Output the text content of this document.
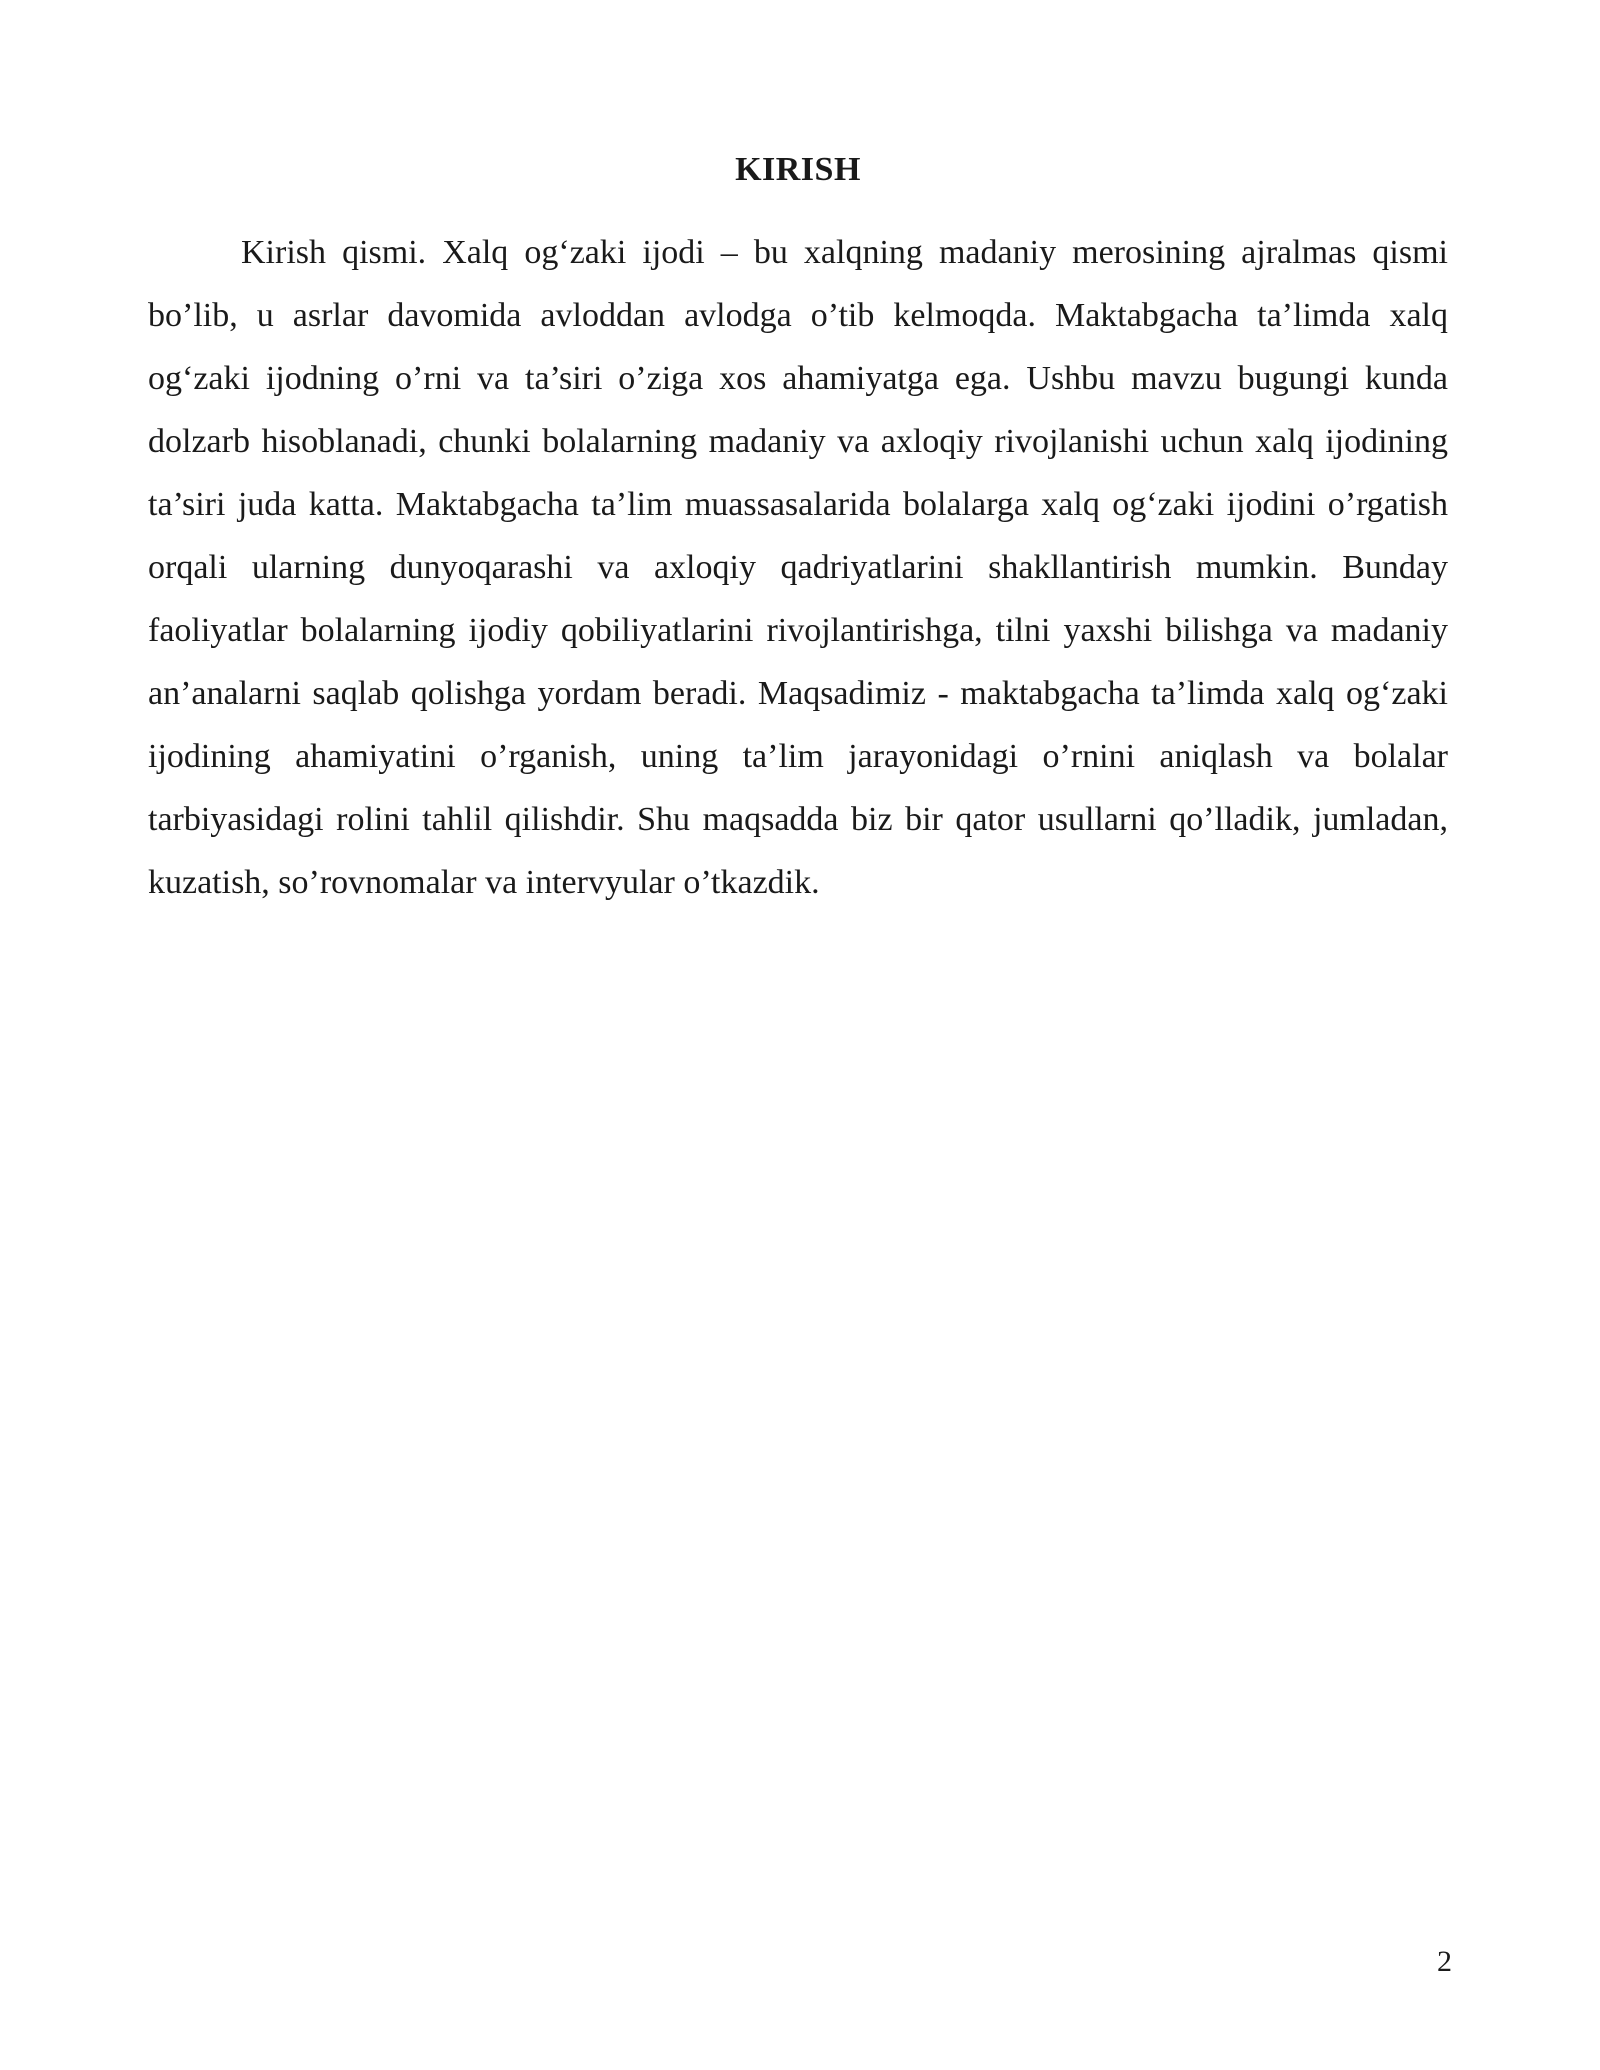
KIRISH

Kirish qismi. Xalq og‘zaki ijodi – bu xalqning madaniy merosining ajralmas qismi bo’lib, u asrlar davomida avloddan avlodga o’tib kelmoqda. Maktabgacha ta’limda xalq og‘zaki ijodning o’rni va ta’siri o’ziga xos ahamiyatga ega. Ushbu mavzu bugungi kunda dolzarb hisoblanadi, chunki bolalarning madaniy va axloqiy rivojlanishi uchun xalq ijodining ta’siri juda katta. Maktabgacha ta’lim muassasalarida bolalarga xalq og‘zaki ijodini o’rgatish orqali ularning dunyoqarashi va axloqiy qadriyatlarini shakllantirish mumkin. Bunday faoliyatlar bolalarning ijodiy qobiliyatlarini rivojlantirishga, tilni yaxshi bilishga va madaniy an’analarni saqlab qolishga yordam beradi. Maqsadimiz - maktabgacha ta’limda xalq og‘zaki ijodining ahamiyatini o’rganish, uning ta’lim jarayonidagi o’rnini aniqlash va bolalar tarbiyasidagi rolini tahlil qilishdir. Shu maqsadda biz bir qator usullarni qo’lladik, jumladan, kuzatish, so’rovnomalar va intervyular o’tkazdik.

2
